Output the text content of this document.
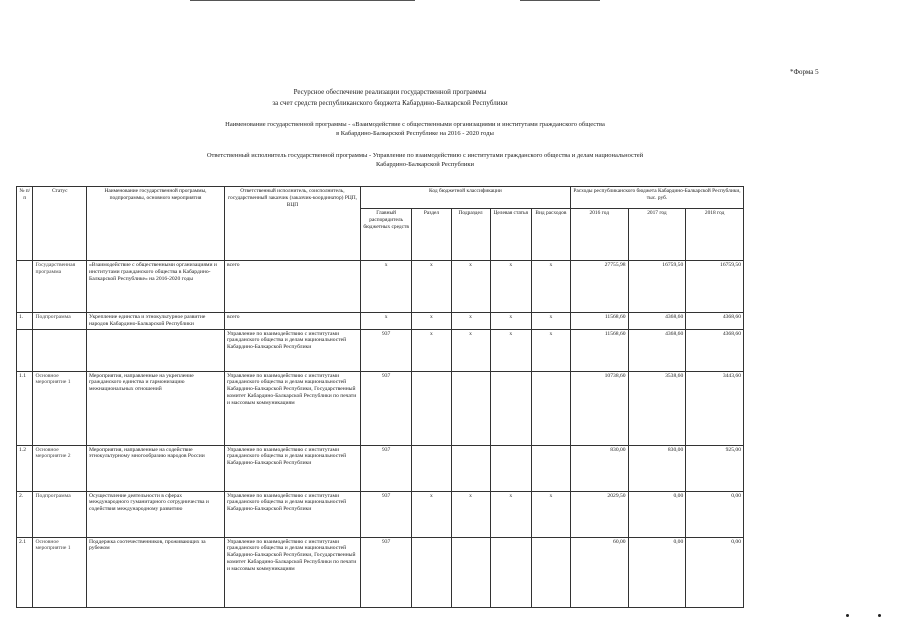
*Форма 5
Ресурсное обеспечение реализации государственной программы
за счет средств республиканского бюджета Кабардино-Балкарской Республики
Наименование государственной программы - «Взаимодействие с общественными организациями и институтами гражданского общества
в Кабардино-Балкарской Республике на 2016 - 2020 годы
Ответственный исполнитель государственной программы - Управление по взаимодействию с институтами гражданского общества и делам национальностей
Кабардино-Балкарской Республики
№ п/п	Статус	Наименование государственной программы, подпрограммы, основного мероприятия	Ответственный исполнитель, соисполнитель, государственный заказчик (заказчик-координатор) РЦП, ВЦП	Код бюджетной классификации					Расходы республиканского бюджета Кабардино-Балкарской Республики, тыс. руб.		
				Главный распорядитель бюджетных средств	Раздел	Подраздел	Целевая статья	Вид расходов	2016 год	2017 год	2018 год
	Государственная программа	«Взаимодействие с общественными организациями и институтами гражданского общества в Кабардино-Балкарской Республике» на 2016-2020 годы	всего	x	x	x	x	x	27755,98	16759,50	16759,50
1.	Подпрограмма	Укрепление единства и этнокультурное развитие народов Кабардино-Балкарской Республики	всего	x	x	x	x	x	11568,60	4368,60	4368,60
			Управление по взаимодействию с институтами гражданского общества и делам национальностей Кабардино-Балкарской Республики	937	x	x	x	x	11568,60	4368,60	4368,60
1.1	Основное мероприятие 1	Мероприятия, направленные на укрепление гражданского единства и гармонизацию межнациональных отношений	Управление по взаимодействию с институтами гражданского общества и делам национальностей Кабардино-Балкарской Республики, Государственный комитет Кабардино-Балкарской Республики по печати и массовым коммуникациям	937					10738,60	3538,60	3443,60
1.2	Основное мероприятие 2	Мероприятия, направленные на содействие этнокультурному многообразию народов России	Управление по взаимодействию с институтами гражданского общества и делам национальностей Кабардино-Балкарской Республики	937					830,00	830,00	925,00
2.	Подпрограмма	Осуществление деятельности в сферах международного гуманитарного сотрудничества и содействия международному развитию	Управление по взаимодействию с институтами гражданского общества и делам национальностей Кабардино-Балкарской Республики	937	x	x	x	x	2029,50	0,00	0,00
2.1	Основное мероприятие 1	Поддержка соотечественников, проживающих за рубежом	Управление по взаимодействию с институтами гражданского общества и делам национальностей Кабардино-Балкарской Республики, Государственный комитет Кабардино-Балкарской Республики по печати и массовым коммуникациям	937					60,00	0,00	0,00
